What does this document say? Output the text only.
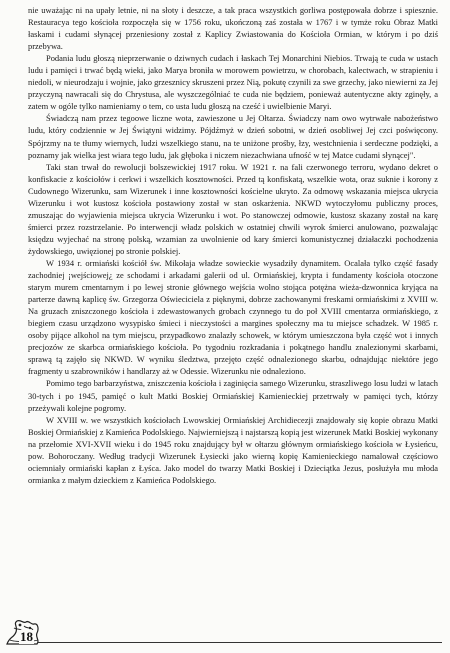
nie uważając ni na upały letnie, ni na słoty i deszcze, a tak praca wszystkich gorliwa postępowała dobrze i spiesznie. Restauracya tego kościoła rozpoczęła się w 1756 roku, ukończoną zaś została w 1767 i w tymże roku Obraz Matki łaskami i cudami słynącej przeniesiony został z Kaplicy Zwiastowania do Kościoła Ormian, w którym i po dziś przebywa.

Podania ludu głoszą nieprzerwanie o dziwnych cudach i łaskach Tej Monarchini Niebios. Trwają te cuda w ustach ludu i pamięci i trwać będą wieki, jako Marya broniła w morowem powietrzu, w chorobach, kalectwach, w strapieniu i niedoli, w nieurodzaju i wojnie, jako grzesznicy skruszeni przez Nią, pokutę czynili za swe grzechy, jako niewierni za Jej przyczyną nawracali się do Chrystusa, ale wyszczególniać te cuda nie będziem, ponieważ autentyczne akty zginęły, a zatem w ogóle tylko namieniamy o tem, co usta ludu głoszą na cześć i uwielbienie Maryi.

Świadczą nam przez tegoowe liczne wota, zawieszone u Jej Ołtarza. Świadczy nam owo wytrwałe nabożeństwo ludu, który codziennie w Jej Świątyni widzimy. Pójdźmyż w dzień sobotni, w dzień osobliwej Jej czci poświęcony. Spójrzmy na te tłumy wiernych, ludzi wszelkiego stanu, na te uniżone prośby, łzy, westchnienia i serdeczne podzięki, a poznamy jak wielka jest wiara tego ludu, jak głęboka i niczem niezachwiana ufność w tej Matce cudami słynącej".

Taki stan trwał do rewolucji bolszewickiej 1917 roku. W 1921 r. na fali czerwonego terroru, wydano dekret o konfiskacie z kościołów i cerkwi i wszelkich kosztowności. Przed tą konfiskatą, wszelkie wota, oraz suknie i korony z Cudownego Wizerunku, sam Wizerunek i inne kosztowności kościelne ukryto. Za odmowę wskazania miejsca ukrycia Wizerunku i wot kustosz kościoła postawiony został w stan oskarżenia. NKWD wytoczyłomu publiczny proces, zmuszając do wyjawienia miejsca ukrycia Wizerunku i wot. Po stanowczej odmowie, kustosz skazany został na karę śmierci przez rozstrzelanie. Po interwencji władz polskich w ostatniej chwili wyrok śmierci anulowano, pozwalając księdzu wyjechać na stronę polską, wzamian za uwolnienie od kary śmierci komunistycznej działaczki pochodzenia żydowskiego, uwięzionej po stronie polskiej.

W 1934 r. ormiański kościół św. Mikołaja władze sowieckie wysadziły dynamitem. Ocalała tylko część fasady zachodniej ¡wejściowej¿ ze schodami i arkadami galerii od ul. Ormiańskiej, krypta i fundamenty kościoła otoczone starym murem cmentarnym i po lewej stronie głównego wejścia wolno stojąca potężna wieża-dzwonnica kryjąca na parterze dawną kaplicę św. Grzegorza Oświeciciela z pięknymi, dobrze zachowanymi freskami ormiańskimi z XVIII w. Na gruzach zniszczonego kościoła i zdewastowanych grobach czynnego tu do poł XVIII cmentarza ormiańskiego, z biegiem czasu urządzono wysypisko śmieci i nieczystości a margines społeczny ma tu miejsce schadzek. W 1985 r. osoby pijące alkohol na tym miejscu, przypadkowo znalazły schowek, w którym umieszczona była część wot i innych precjozów ze skarbca ormiańskiego kościoła. Po tygodniu rozkradania i pokątnego handlu znalezionymi skarbami, sprawą tą zajęło się NKWD. W wyniku śledztwa, przejęto część odnalezionego skarbu, odnajdując niektóre jego fragmenty u szabrowników i handlarzy aż w Odessie. Wizerunku nie odnaleziono.

Pomimo tego barbarzyństwa, zniszczenia kościoła i zaginięcia samego Wizerunku, straszliwego losu ludzi w latach 30-tych i po 1945, pamięć o kult Matki Boskiej Ormiańskiej Kamienieckiej przetrwały w pamięci tych, którzy przeżywali kolejne pogromy.

W XVIII w. we wszystkich kościołach Lwowskiej Ormiańskiej Archidiecezji znajdowały się kopie obrazu Matki Boskiej Ormiańskiej z Kamieńca Podolskiego. Najwierniejszą i najstarszą kopią jest wizerunek Matki Boskiej wykonany na przełomie XVI-XVII wieku i do 1945 roku znajdujący był w ołtarzu głównym ormiańskiego kościoła w Łysieńcu, pow. Bohoroczany. Według tradycji Wizerunek Łysiecki jako wierną kopię Kamienieckiego namalował częściowo ociemniały ormiański kapłan z Łyśca. Jako model do twarzy Matki Boskiej i Dzieciątka Jezus, posłużyła mu młoda ormianka z małym dzieckiem z Kamieńca Podolskiego.

18
